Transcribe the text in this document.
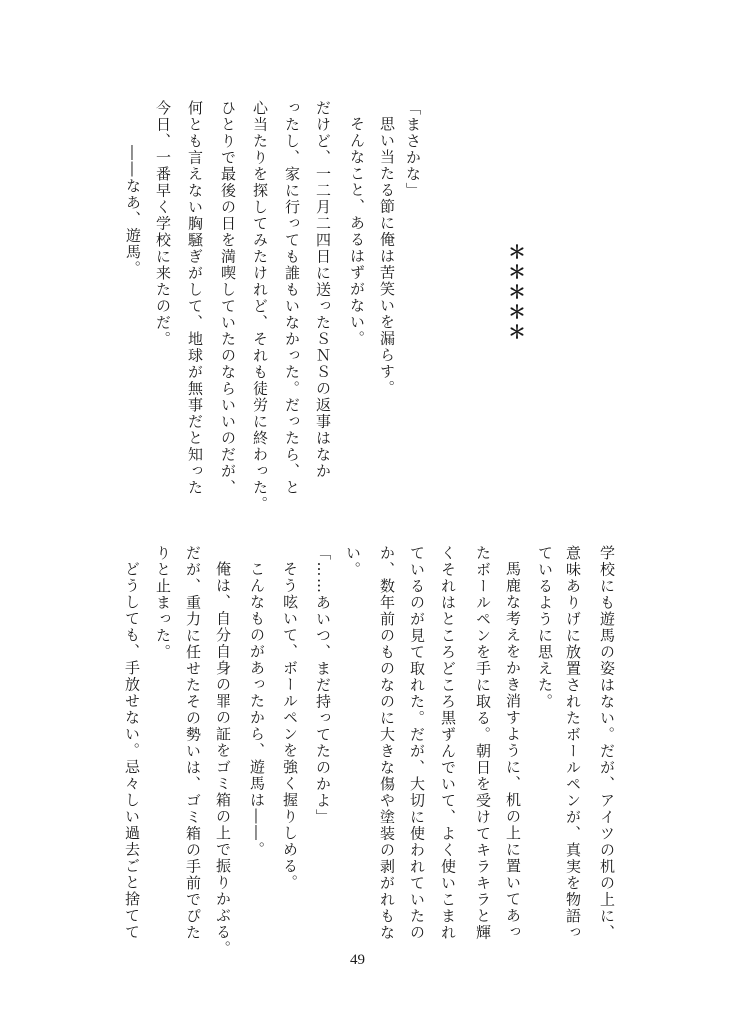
「まさかな」
思い当たる節に俺は苦笑いを漏らす。
そんなこと、あるはずがない。
だけど、一二月二四日に送ったＳＮＳの返事はなか
ったし、家に行っても誰もいなかった。だったら、と
心当たりを探してみたけれど、それも徒労に終わった。
ひとりで最後の日を満喫していたのならいいのだが、
何とも言えない胸騒ぎがして、地球が無事だと知った
今日、一番早く学校に来たのだ。
――なあ、遊馬。
＊＊＊＊＊
学校にも遊馬の姿はない。だが、アイツの机の上に、
意味ありげに放置されたボールペンが、真実を物語っ
ているように思えた。
馬鹿な考えをかき消すように、机の上に置いてあっ
たボールペンを手に取る。朝日を受けてキラキラと輝
くそれはところどころ黒ずんでいて、よく使いこまれ
ているのが見て取れた。だが、大切に使われていたの
か、数年前のものなのに大きな傷や塗装の剥がれもな
い。
「……あいつ、まだ持ってたのかよ」
そう呟いて、ボールペンを強く握りしめる。
こんなものがあったから、遊馬は――。
俺は、自分自身の罪の証をゴミ箱の上で振りかぶる。
だが、重力に任せたその勢いは、ゴミ箱の手前でぴた
りと止まった。
どうしても、手放せない。忌々しい過去ごと捨てて
49
